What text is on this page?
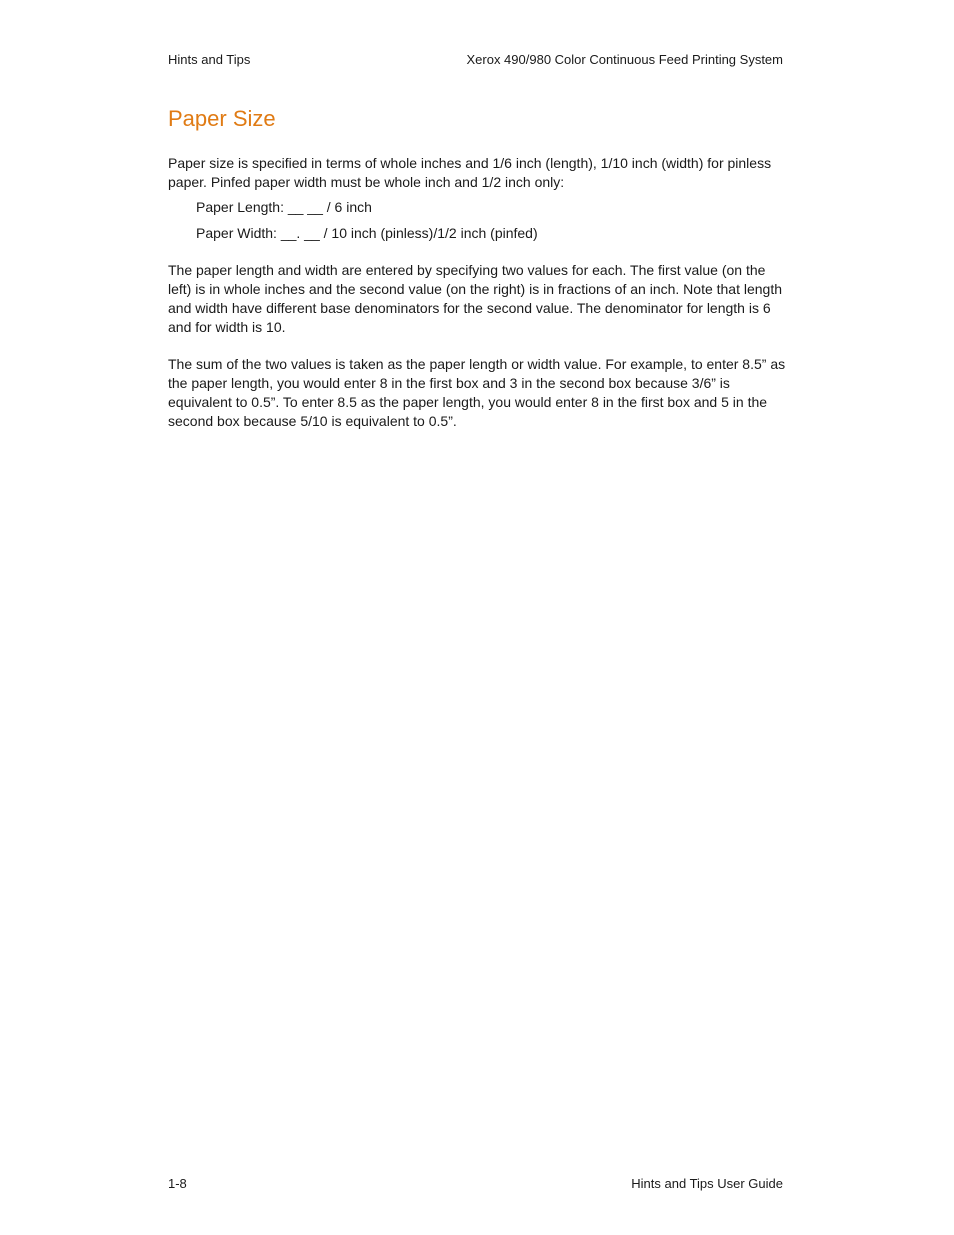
Hints and Tips	Xerox 490/980 Color Continuous Feed Printing System
Paper Size

Paper size is specified in terms of whole inches and 1/6 inch (length), 1/10 inch (width) for pinless paper. Pinfed paper width must be whole inch and 1/2 inch only:

Paper Length: __ __ / 6 inch
Paper Width: __. __ / 10 inch (pinless)/1/2 inch (pinfed)

The paper length and width are entered by specifying two values for each. The first value (on the left) is in whole inches and the second value (on the right) is in fractions of an inch. Note that length and width have different base denominators for the second value. The denominator for length is 6 and for width is 10.

The sum of the two values is taken as the paper length or width value. For example, to enter 8.5” as the paper length, you would enter 8 in the first box and 3 in the second box because 3/6” is equivalent to 0.5”. To enter 8.5 as the paper length, you would enter 8 in the first box and 5 in the second box because 5/10 is equivalent to 0.5”.

1-8	Hints and Tips User Guide
